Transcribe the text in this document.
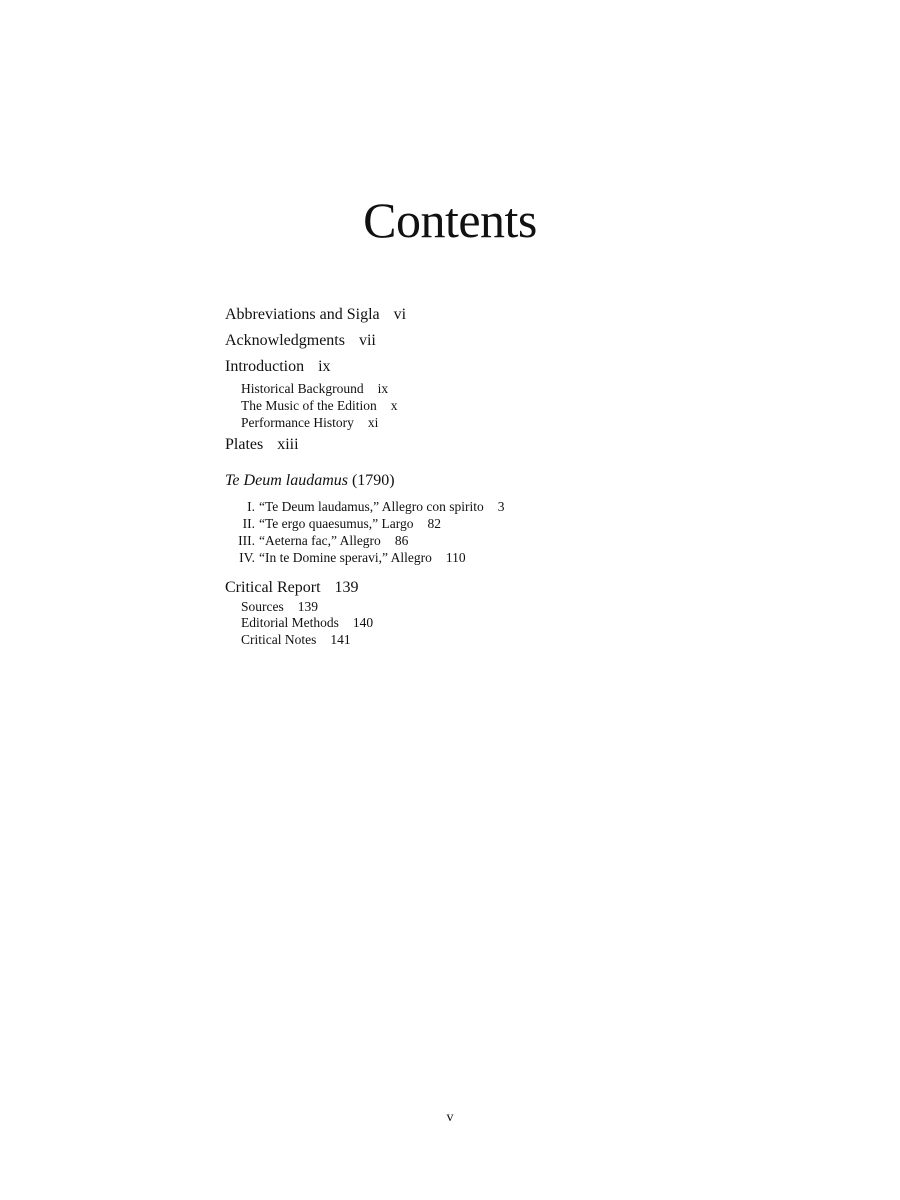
Contents
Abbreviations and Sigla vi
Acknowledgments vii
Introduction ix
Historical Background ix
The Music of the Edition x
Performance History xi
Plates xiii
Te Deum laudamus (1790)
I. “Te Deum laudamus,” Allegro con spirito 3
II. “Te ergo quaesumus,” Largo 82
III. “Aeterna fac,” Allegro 86
IV. “In te Domine speravi,” Allegro 110
Critical Report 139
Sources 139
Editorial Methods 140
Critical Notes 141
v
